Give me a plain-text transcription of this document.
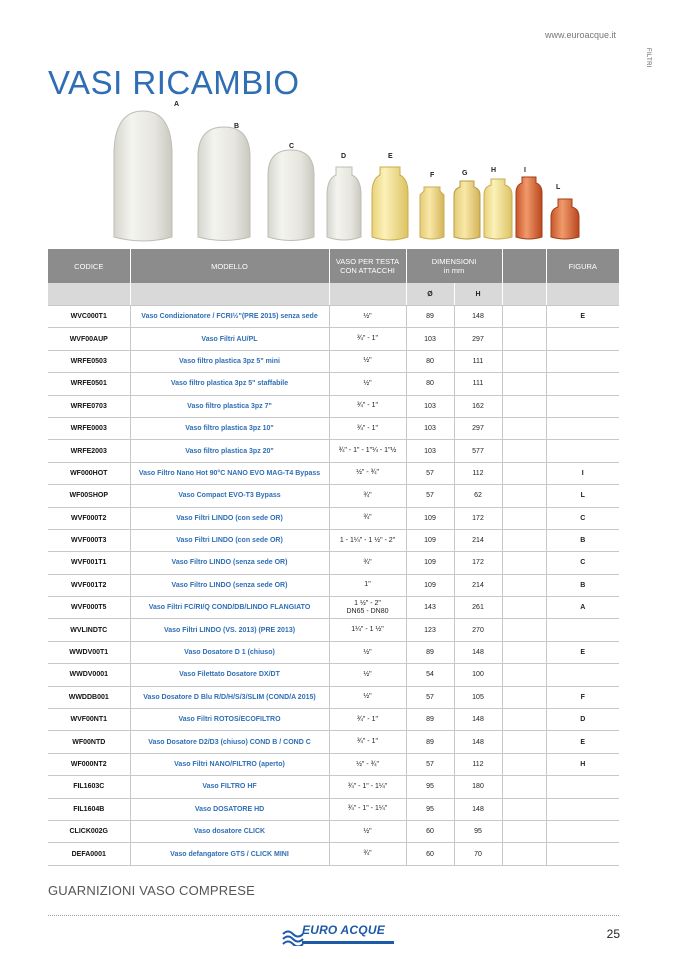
www.euroacque.it
FILTRI
VASI RICAMBIO
A
B
C
D	E
F	G	H	I
L
CODICE	MODELLO	VASO PER TESTA CON ATTACCHI	DIMENSIONI
in mm			FIGURA
			Ø	H		
WVC000T1	Vaso Condizionatore / FCRI½"(PRE 2015) senza sede	½"	89	148		E
WVF00AUP	Vaso Filtri AU/PL	¾" - 1"	103	297		
WRFE0503	Vaso filtro plastica 3pz 5" mini	½"	80	111		
WRFE0501	Vaso filtro plastica 3pz 5" staffabile	½"	80	111		
WRFE0703	Vaso filtro plastica 3pz 7"	¾" - 1"	103	162		
WRFE0003	Vaso filtro plastica 3pz 10"	¾" - 1"	103	297		
WRFE2003	Vaso filtro plastica 3pz 20"	¾" - 1" - 1"¼ - 1"½	103	577		
WF000HOT	Vaso Filtro Nano Hot 90°C NANO EVO MAG-T4 Bypass	½" - ¾"	57	112		I
WF00SHOP	Vaso Compact EVO-T3 Bypass	¾"	57	62		L
WVF000T2	Vaso Filtri LINDO (con sede OR)	¾"	109	172		C
WVF000T3	Vaso Filtri LINDO (con sede OR)	1 - 1¼" - 1 ½" - 2"	109	214		B
WVF001T1	Vaso Filtro LINDO (senza sede OR)	¾"	109	172		C
WVF001T2	Vaso Filtro LINDO (senza sede OR)	1"	109	214		B
WVF000T5	Vaso Filtri FC/RI/Q COND/DB/LINDO FLANGIATO	1 ½" - 2"
DN65 - DN80	143	261		A
WVLINDTC	Vaso Filtri LINDO (VS. 2013) (PRE 2013)	1¼" - 1 ½"	123	270		
WWDV00T1	Vaso Dosatore D 1 (chiuso)	½"	89	148		E
WWDV0001	Vaso Filettato Dosatore DX/DT	½"	54	100		
WWDDB001	Vaso Dosatore D Blu R/D/H/S/3/SLIM (COND/A 2015)	½"	57	105		F
WVF00NT1	Vaso Filtri ROTOS/ECOFILTRO	¾" - 1"	89	148		D
WF00NTD	Vaso Dosatore D2/D3 (chiuso) COND B / COND C	¾" - 1"	89	148		E
WF000NT2	Vaso Filtri NANO/FILTRO (aperto)	½" - ¾"	57	112		H
FIL1603C	Vaso FILTRO HF	¾" - 1" - 1¼"	95	180		
FIL1604B	Vaso DOSATORE HD	¾" - 1" - 1¼"	95	148		
CLICK002G	Vaso dosatore CLICK	½"	60	95		
DEFA0001	Vaso defangatore GTS / CLICK MINI	¾"	60	70		
GUARNIZIONI VASO COMPRESE
EURO ACQUE	25
